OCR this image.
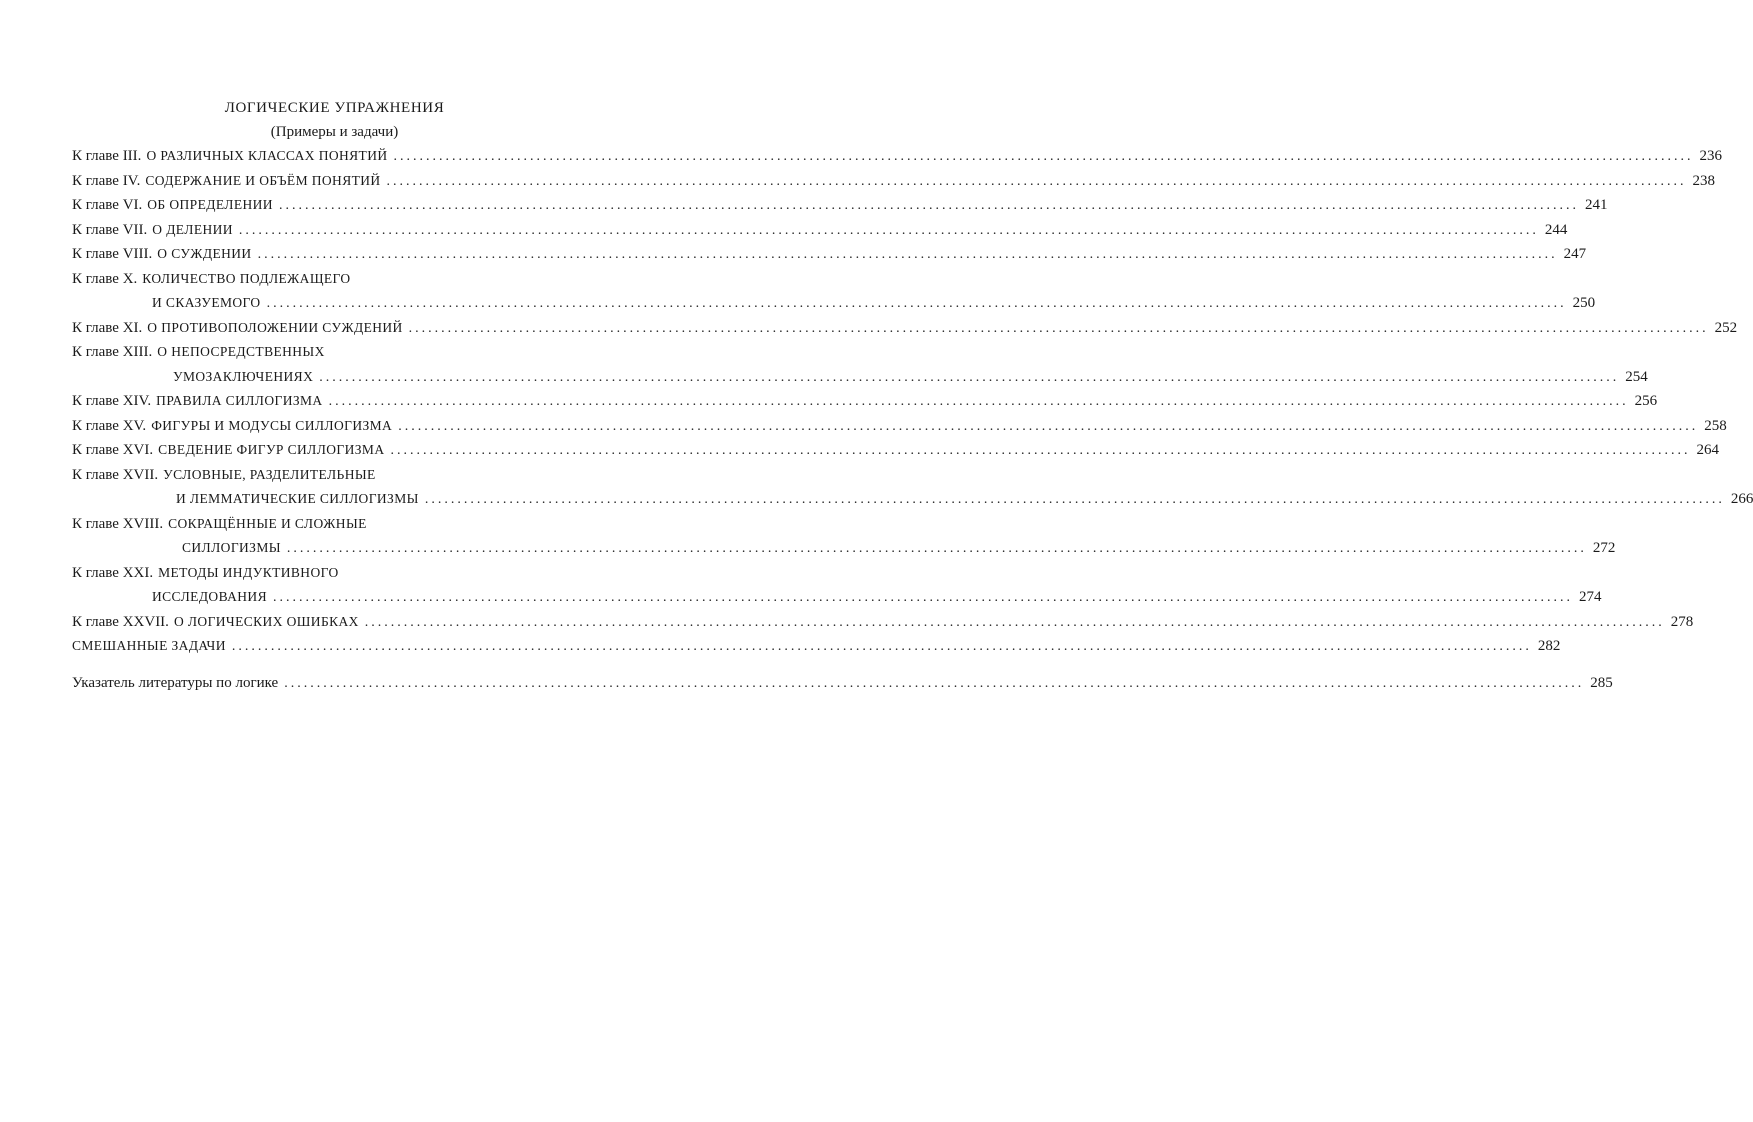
ЛОГИЧЕСКИЕ УПРАЖНЕНИЯ
(Примеры и задачи)
К главе III. О РАЗЛИЧНЫХ КЛАССАХ ПОНЯТИЙ ........................................................................................................................................................................................................ 236
К главе IV. СОДЕРЖАНИЕ И ОБЪЁМ ПОНЯТИЙ ........................................................................................................................................................................................................ 238
К главе VI. ОБ ОПРЕДЕЛЕНИИ ........................................................................................................................................................................................................ 241
К главе VII. О ДЕЛЕНИИ ........................................................................................................................................................................................................ 244
К главе VIII. О СУЖДЕНИИ ........................................................................................................................................................................................................ 247
К главе X. КОЛИЧЕСТВО ПОДЛЕЖАЩЕГО
И СКАЗУЕМОГО ........................................................................................................................................................................................................ 250
К главе XI. О ПРОТИВОПОЛОЖЕНИИ СУЖДЕНИЙ ........................................................................................................................................................................................................ 252
К главе XIII. О НЕПОСРЕДСТВЕННЫХ
УМОЗАКЛЮЧЕНИЯХ ........................................................................................................................................................................................................ 254
К главе XIV. ПРАВИЛА СИЛЛОГИЗМА ........................................................................................................................................................................................................ 256
К главе XV. ФИГУРЫ И МОДУСЫ СИЛЛОГИЗМА ........................................................................................................................................................................................................ 258
К главе XVI. СВЕДЕНИЕ ФИГУР СИЛЛОГИЗМА ........................................................................................................................................................................................................ 264
К главе XVII. УСЛОВНЫЕ, РАЗДЕЛИТЕЛЬНЫЕ
И ЛЕММАТИЧЕСКИЕ СИЛЛОГИЗМЫ ........................................................................................................................................................................................................ 266
К главе XVIII. СОКРАЩЁННЫЕ И СЛОЖНЫЕ
СИЛЛОГИЗМЫ ........................................................................................................................................................................................................ 272
К главе XXI. МЕТОДЫ ИНДУКТИВНОГО
ИССЛЕДОВАНИЯ ........................................................................................................................................................................................................ 274
К главе XXVII. О ЛОГИЧЕСКИХ ОШИБКАХ ........................................................................................................................................................................................................ 278
СМЕШАННЫЕ ЗАДАЧИ ........................................................................................................................................................................................................ 282
Указатель литературы по логике ........................................................................................................................................................................................................ 285
